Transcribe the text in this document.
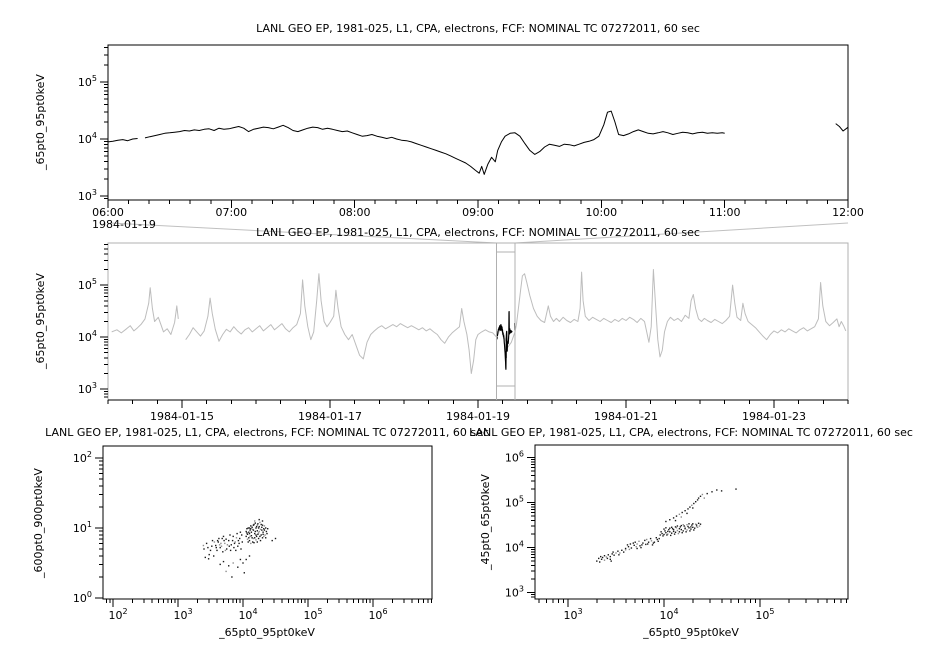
$10^3$
$10^4$
$10^5$
06:00	07:00	08:00	09:00	10:00	11:00	12:00
$10^3$
$10^4$
$10^5$
1984-01-15	1984-01-17	1984-01-19	1984-01-21	1984-01-23
$10^0$
$10^1$
$10^2$
$10^2$	$10^3$	$10^4$	$10^5$	$10^6$
$10^3$
$10^4$
$10^5$
$10^6$
$10^3$	$10^4$	$10^5$
LANL GEO EP, 1981-025, L1, CPA, electrons, FCF: NOMINAL TC 07272011, 60 sec
LANL GEO EP, 1981-025, L1, CPA, electrons, FCF: NOMINAL TC 07272011, 60 sec
LANL GEO EP, 1981-025, L1, CPA, electrons, FCF: NOMINAL TC 07272011, 60 sec
LANL GEO EP, 1981-025, L1, CPA, electrons, FCF: NOMINAL TC 07272011, 60 sec
_65pt0_95pt0keV
_65pt0_95pt0keV
_600pt0_900pt0keV	_45pt0_65pt0keV
_65pt0_95pt0keV	_65pt0_95pt0keV
1984-01-19
